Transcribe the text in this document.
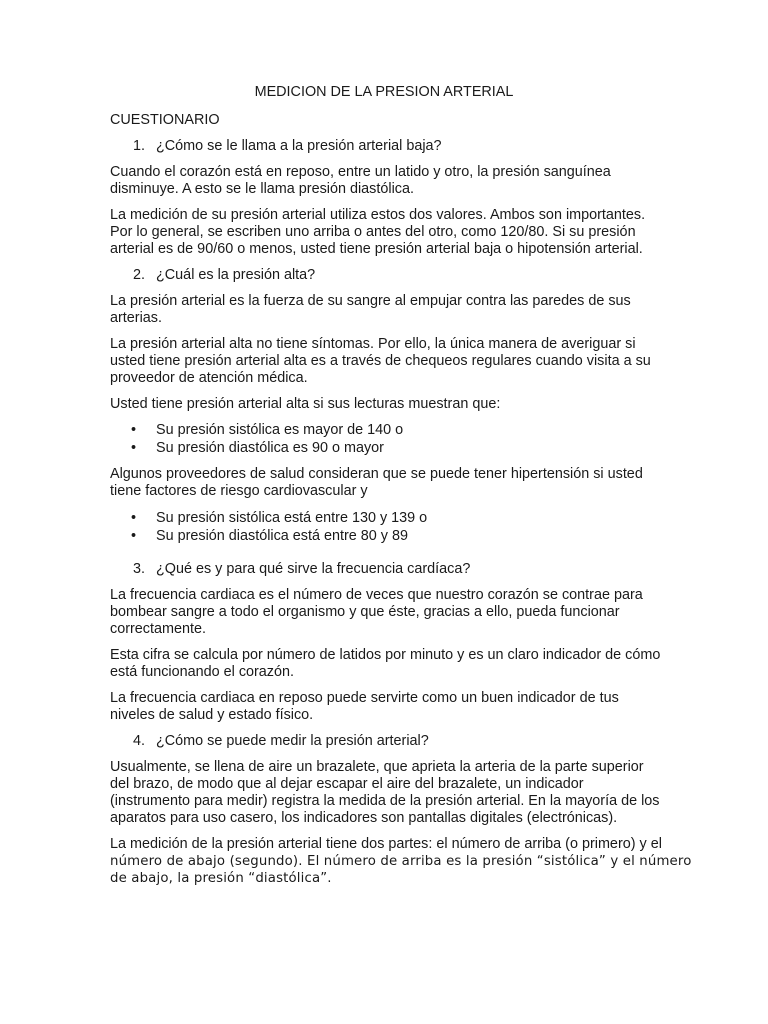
MEDICION DE LA PRESION ARTERIAL

CUESTIONARIO

1. ¿Cómo se le llama a la presión arterial baja?

Cuando el corazón está en reposo, entre un latido y otro, la presión sanguínea

disminuye. A esto se le llama presión diastólica.

La medición de su presión arterial utiliza estos dos valores. Ambos son importantes.

Por lo general, se escriben uno arriba o antes del otro, como 120/80. Si su presión

arterial es de 90/60 o menos, usted tiene presión arterial baja o hipotensión arterial.

2. ¿Cuál es la presión alta?

La presión arterial es la fuerza de su sangre al empujar contra las paredes de sus

arterias.

La presión arterial alta no tiene síntomas. Por ello, la única manera de averiguar si

usted tiene presión arterial alta es a través de chequeos regulares cuando visita a su

proveedor de atención médica.

Usted tiene presión arterial alta si sus lecturas muestran que:

• Su presión sistólica es mayor de 140 o
• Su presión diastólica es 90 o mayor

Algunos proveedores de salud consideran que se puede tener hipertensión si usted

tiene factores de riesgo cardiovascular y

• Su presión sistólica está entre 130 y 139 o
• Su presión diastólica está entre 80 y 89
3. ¿Qué es y para qué sirve la frecuencia cardíaca?

La frecuencia cardiaca es el número de veces que nuestro corazón se contrae para

bombear sangre a todo el organismo y que éste, gracias a ello, pueda funcionar

correctamente.

Esta cifra se calcula por número de latidos por minuto y es un claro indicador de cómo

está funcionando el corazón.

La frecuencia cardiaca en reposo puede servirte como un buen indicador de tus

niveles de salud y estado físico.

4. ¿Cómo se puede medir la presión arterial?

Usualmente, se llena de aire un brazalete, que aprieta la arteria de la parte superior

del brazo, de modo que al dejar escapar el aire del brazalete, un indicador

(instrumento para medir) registra la medida de la presión arterial. En la mayoría de los

aparatos para uso casero, los indicadores son pantallas digitales (electrónicas).

La medición de la presión arterial tiene dos partes: el número de arriba (o primero) y el

número de abajo (segundo). El número de arriba es la presión “sistólica” y el número

de abajo, la presión “diastólica”.
